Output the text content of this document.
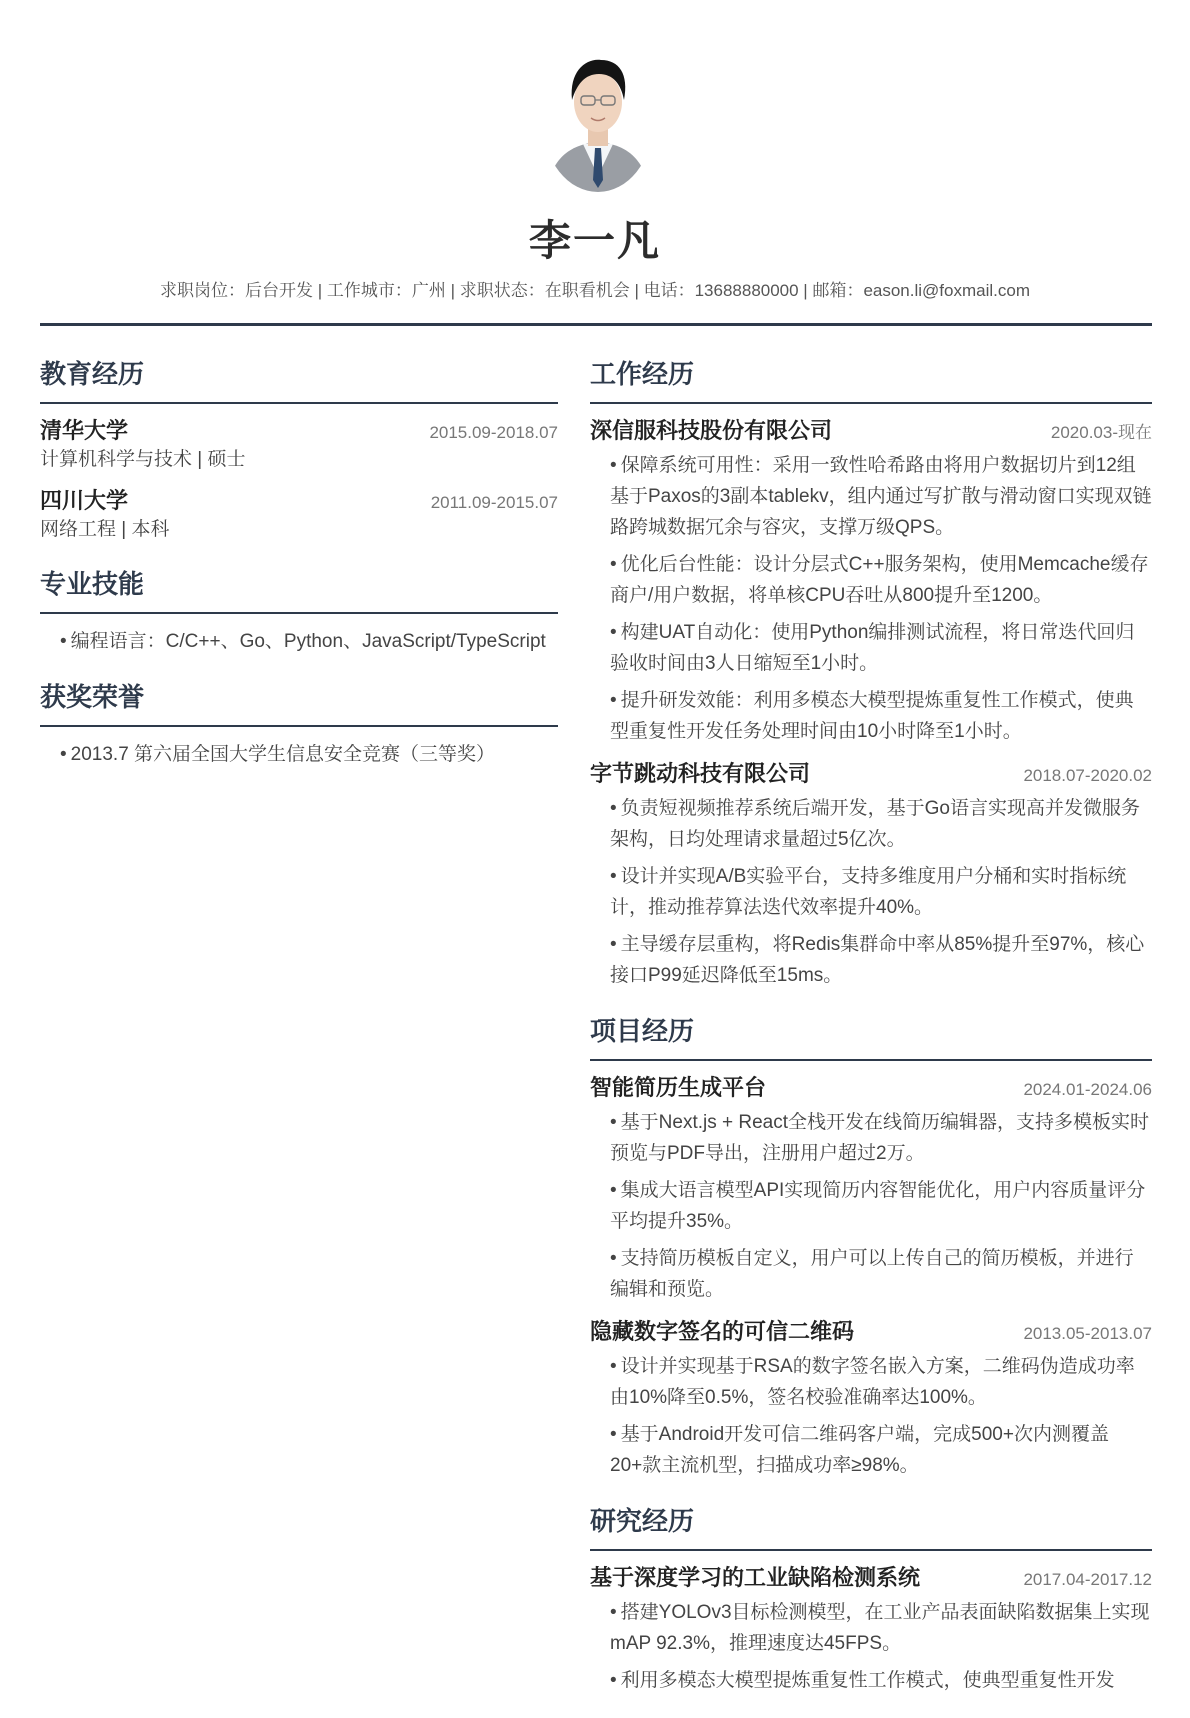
李一凡
求职岗位：后台开发 | 工作城市：广州 | 求职状态：在职看机会 | 电话：13688880000 | 邮箱：eason.li@foxmail.com
教育经历
清华大学	2015.09-2018.07
计算机科学与技术 | 硕士
四川大学	2011.09-2015.07
网络工程 | 本科
专业技能
• 编程语言：C/C++、Go、Python、JavaScript/TypeScript
获奖荣誉
• 2013.7 第六届全国大学生信息安全竞赛（三等奖）
工作经历
深信服科技股份有限公司	2020.03-现在
• 保障系统可用性：采用一致性哈希路由将用户数据切片到12组基于Paxos的3副本tablekv，组内通过写扩散与滑动窗口实现双链路跨城数据冗余与容灾，支撑万级QPS。
• 优化后台性能：设计分层式C++服务架构，使用Memcache缓存商户/用户数据，将单核CPU吞吐从800提升至1200。
• 构建UAT自动化：使用Python编排测试流程，将日常迭代回归验收时间由3人日缩短至1小时。
• 提升研发效能：利用多模态大模型提炼重复性工作模式，使典型重复性开发任务处理时间由10小时降至1小时。
字节跳动科技有限公司	2018.07-2020.02
• 负责短视频推荐系统后端开发，基于Go语言实现高并发微服务架构，日均处理请求量超过5亿次。
• 设计并实现A/B实验平台，支持多维度用户分桶和实时指标统计，推动推荐算法迭代效率提升40%。
• 主导缓存层重构，将Redis集群命中率从85%提升至97%，核心接口P99延迟降低至15ms。
项目经历
智能简历生成平台	2024.01-2024.06
• 基于Next.js + React全栈开发在线简历编辑器，支持多模板实时预览与PDF导出，注册用户超过2万。
• 集成大语言模型API实现简历内容智能优化，用户内容质量评分平均提升35%。
• 支持简历模板自定义，用户可以上传自己的简历模板，并进行编辑和预览。
隐藏数字签名的可信二维码	2013.05-2013.07
• 设计并实现基于RSA的数字签名嵌入方案，二维码伪造成功率由10%降至0.5%，签名校验准确率达100%。
• 基于Android开发可信二维码客户端，完成500+次内测覆盖20+款主流机型，扫描成功率≥98%。
研究经历
基于深度学习的工业缺陷检测系统	2017.04-2017.12
• 搭建YOLOv3目标检测模型，在工业产品表面缺陷数据集上实现mAP 92.3%，推理速度达45FPS。
• 利用多模态大模型提炼重复性工作模式，使典型重复性开发
